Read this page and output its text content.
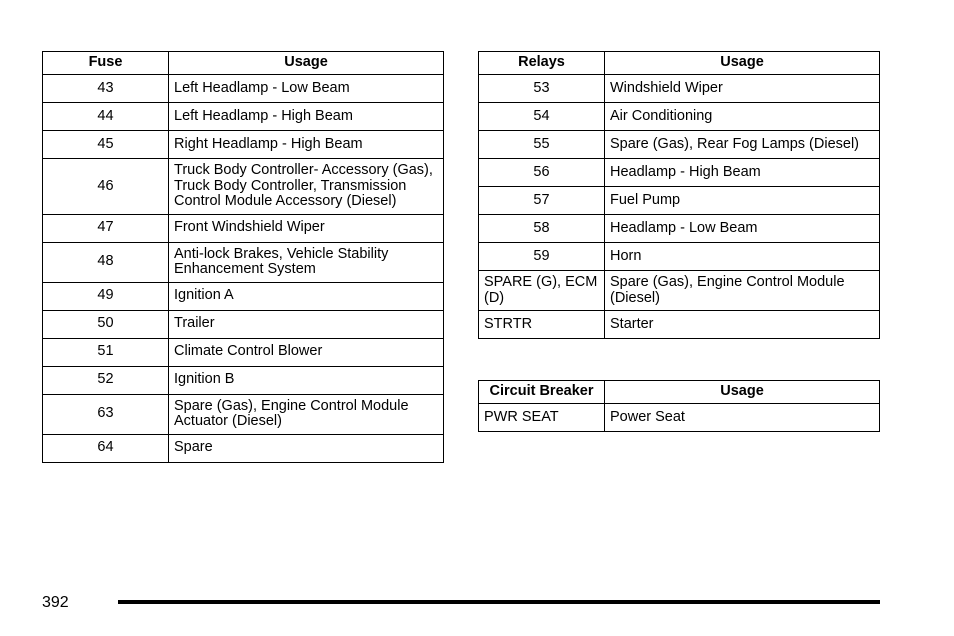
Fuse	Usage
43	Left Headlamp - Low Beam
44	Left Headlamp - High Beam
45	Right Headlamp - High Beam
46	Truck Body Controller- Accessory (Gas), Truck Body Controller, Transmission Control Module Accessory (Diesel)
47	Front Windshield Wiper
48	Anti-lock Brakes, Vehicle Stability Enhancement System
49	Ignition A
50	Trailer
51	Climate Control Blower
52	Ignition B
63	Spare (Gas), Engine Control Module Actuator (Diesel)
64	Spare
Relays	Usage
53	Windshield Wiper
54	Air Conditioning
55	Spare (Gas), Rear Fog Lamps (Diesel)
56	Headlamp - High Beam
57	Fuel Pump
58	Headlamp - Low Beam
59	Horn
SPARE (G), ECM (D)	Spare (Gas), Engine Control Module (Diesel)
STRTR	Starter
Circuit Breaker	Usage
PWR SEAT	Power Seat
392
